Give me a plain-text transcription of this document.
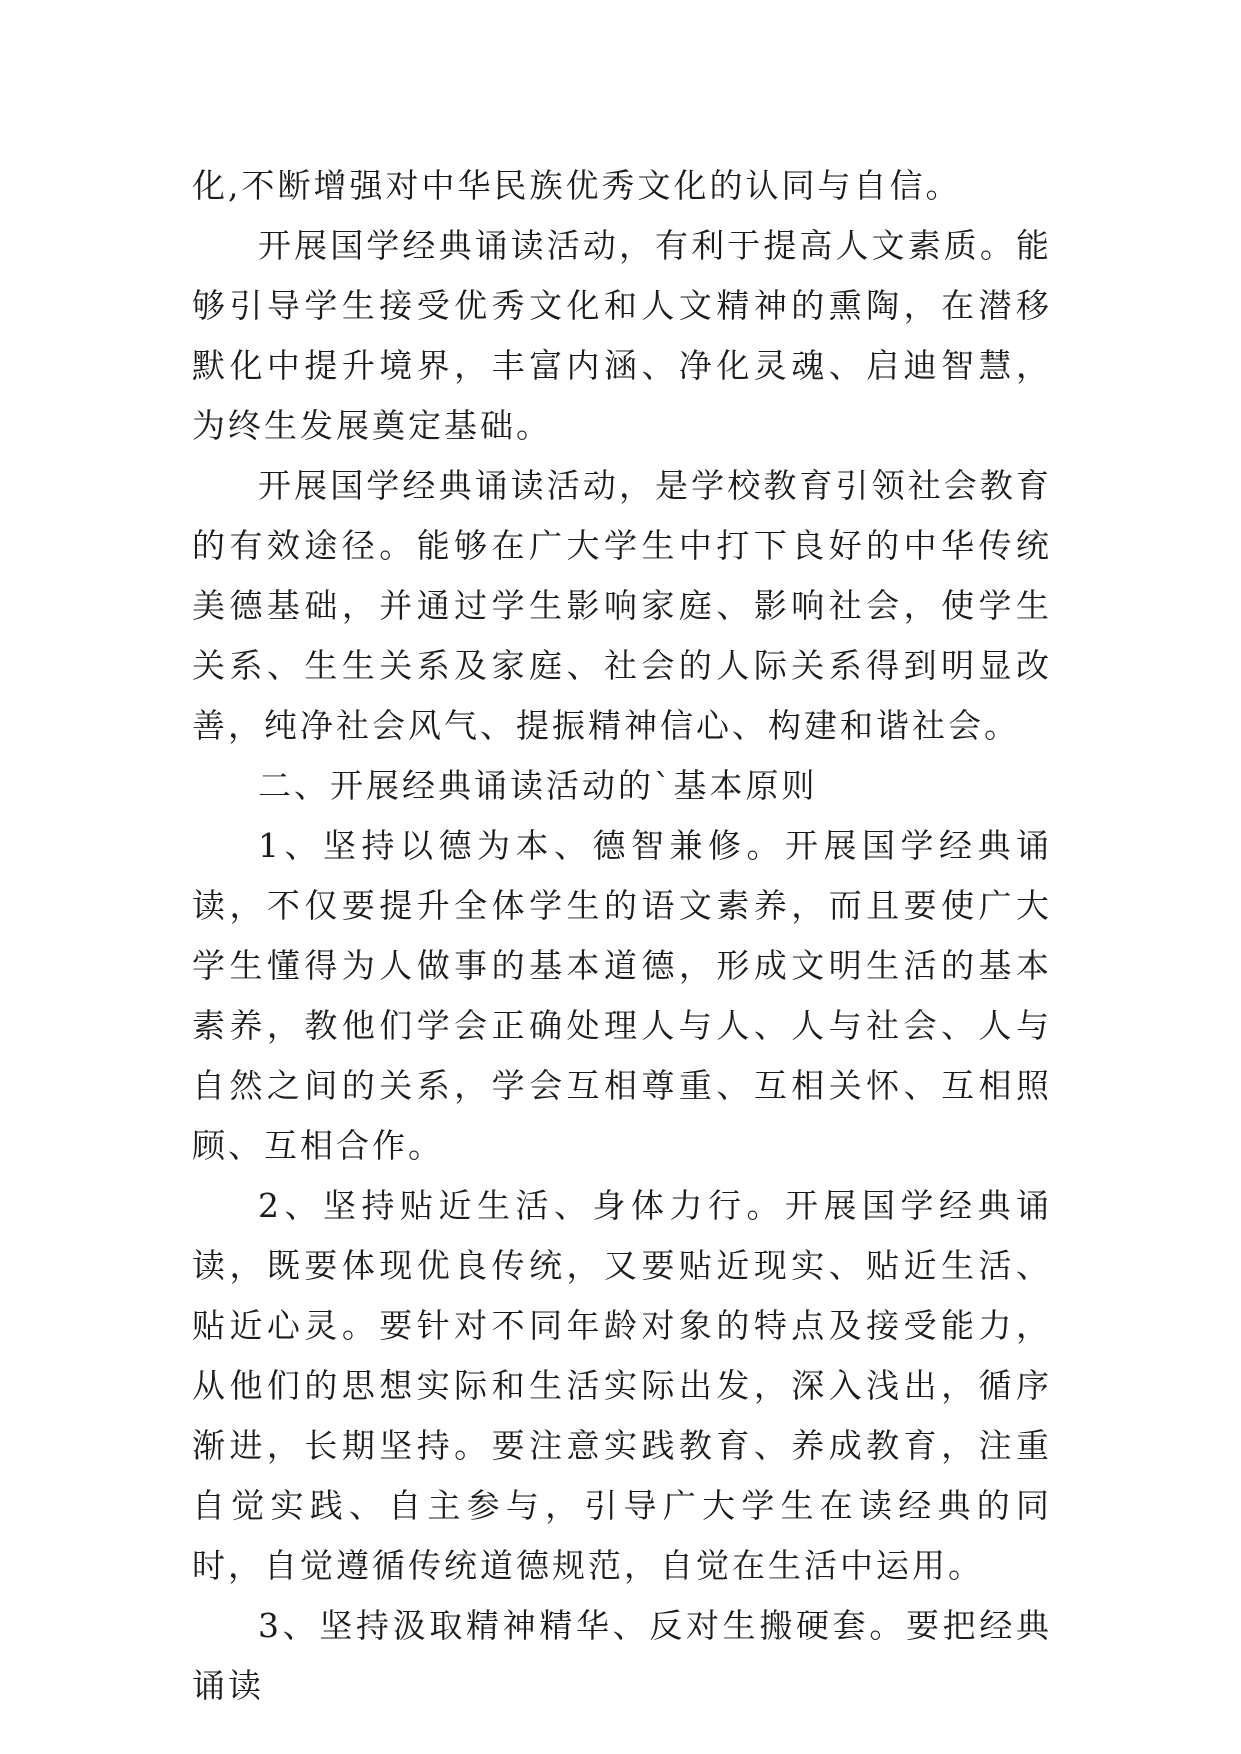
化,不断增强对中华民族优秀文化的认同与自信。

开展国学经典诵读活动，有利于提高人文素质。能够引导学生接受优秀文化和人文精神的熏陶，在潜移默化中提升境界，丰富内涵、净化灵魂、启迪智慧，为终生发展奠定基础。

开展国学经典诵读活动，是学校教育引领社会教育的有效途径。能够在广大学生中打下良好的中华传统美德基础，并通过学生影响家庭、影响社会，使学生关系、生生关系及家庭、社会的人际关系得到明显改善，纯净社会风气、提振精神信心、构建和谐社会。

二、开展经典诵读活动的`基本原则

1、坚持以德为本、德智兼修。开展国学经典诵读，不仅要提升全体学生的语文素养，而且要使广大学生懂得为人做事的基本道德，形成文明生活的基本素养，教他们学会正确处理人与人、人与社会、人与自然之间的关系，学会互相尊重、互相关怀、互相照顾、互相合作。

2、坚持贴近生活、身体力行。开展国学经典诵读，既要体现优良传统，又要贴近现实、贴近生活、贴近心灵。要针对不同年龄对象的特点及接受能力，从他们的思想实际和生活实际出发，深入浅出，循序渐进，长期坚持。要注意实践教育、养成教育，注重自觉实践、自主参与，引导广大学生在读经典的同时，自觉遵循传统道德规范，自觉在生活中运用。

3、坚持汲取精神精华、反对生搬硬套。要把经典诵读
